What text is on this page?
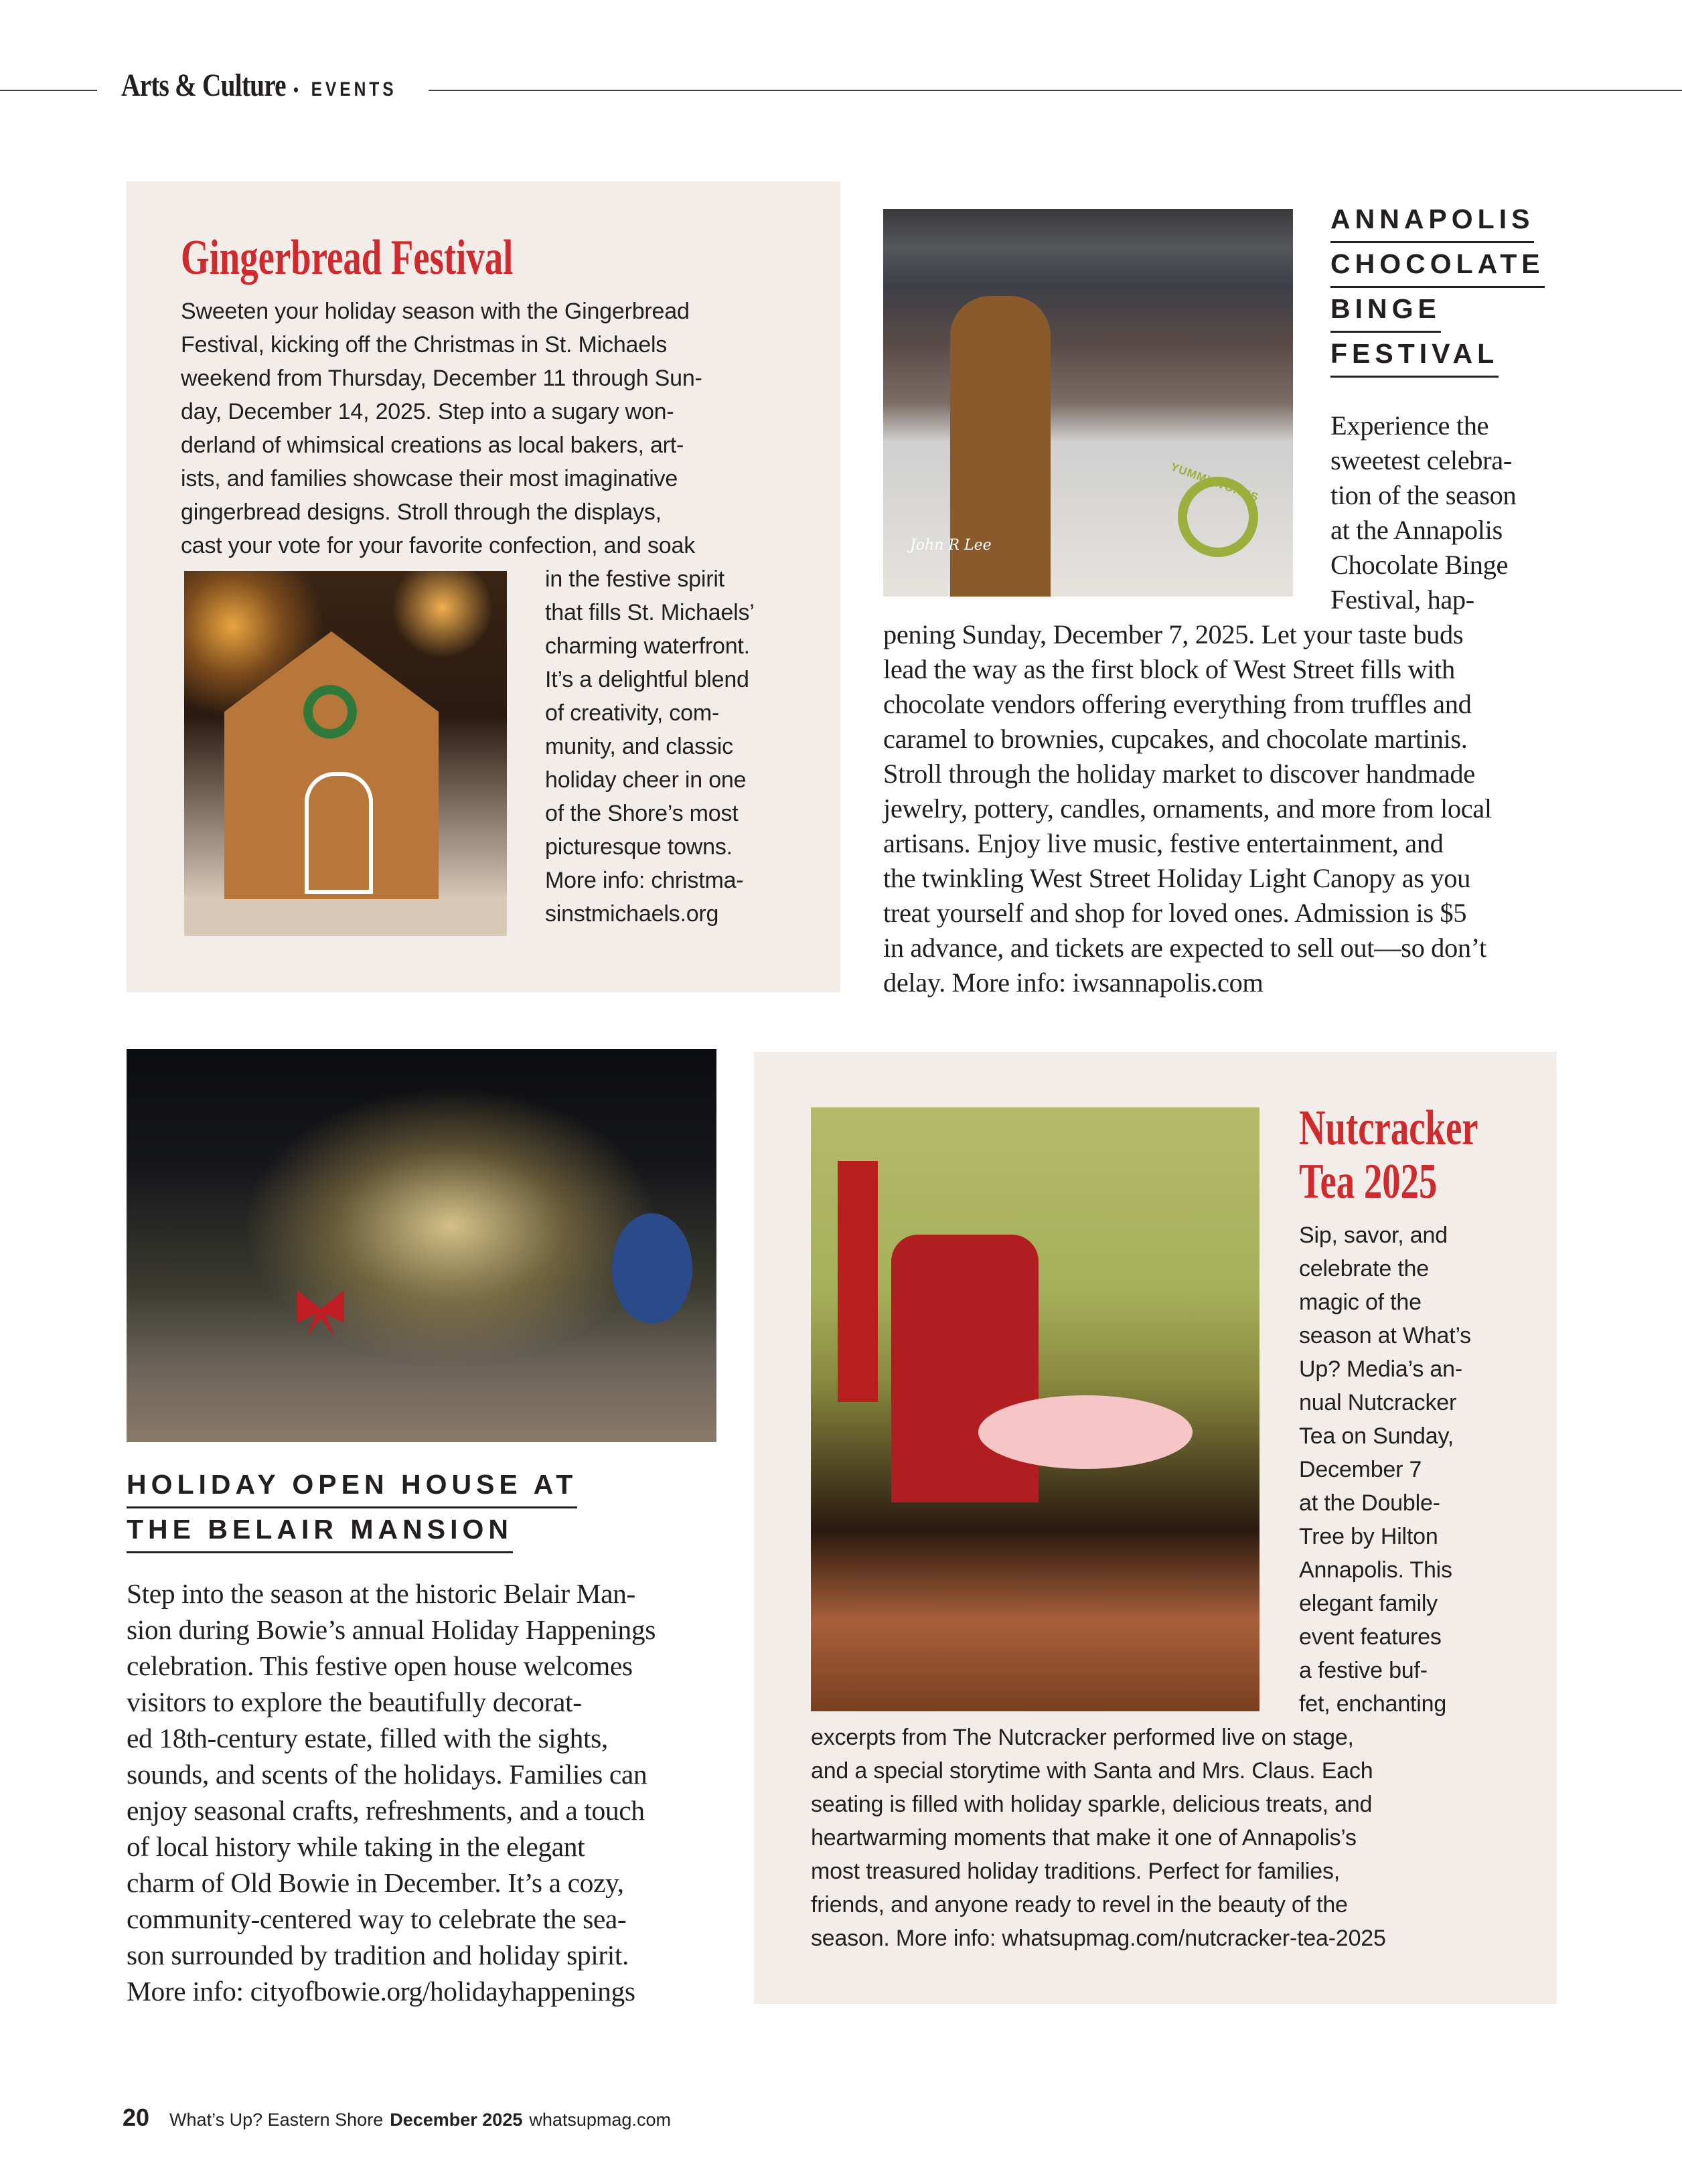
Arts & Culture • EVENTS
Gingerbread Festival
Sweeten your holiday season with the Gingerbread
Festival, kicking off the Christmas in St. Michaels
weekend from Thursday, December 11 through Sun-
day, December 14, 2025. Step into a sugary won-
derland of whimsical creations as local bakers, art-
ists, and families showcase their most imaginative
gingerbread designs. Stroll through the displays,
cast your vote for your favorite confection, and soak
in the festive spirit
that fills St. Michaels’
charming waterfront.
It’s a delightful blend
of creativity, com-
munity, and classic
holiday cheer in one
of the Shore’s most
picturesque towns.
More info: christma-
sinstmichaels.org
YUMMYWORKS
John R Lee
ANNAPOLIS
CHOCOLATE
BINGE
FESTIVAL
Experience the
sweetest celebra-
tion of the season
at the Annapolis
Chocolate Binge
Festival, hap-
pening Sunday, December 7, 2025. Let your taste buds
lead the way as the first block of West Street fills with
chocolate vendors offering everything from truffles and
caramel to brownies, cupcakes, and chocolate martinis.
Stroll through the holiday market to discover handmade
jewelry, pottery, candles, ornaments, and more from local
artisans. Enjoy live music, festive entertainment, and
the twinkling West Street Holiday Light Canopy as you
treat yourself and shop for loved ones. Admission is $5
in advance, and tickets are expected to sell out—so don’t
delay. More info: iwsannapolis.com
HOLIDAY OPEN HOUSE AT
THE BELAIR MANSION
Step into the season at the historic Belair Man-
sion during Bowie’s annual Holiday Happenings
celebration. This festive open house welcomes
visitors to explore the beautifully decorat-
ed 18th-century estate, filled with the sights,
sounds, and scents of the holidays. Families can
enjoy seasonal crafts, refreshments, and a touch
of local history while taking in the elegant
charm of Old Bowie in December. It’s a cozy,
community-centered way to celebrate the sea-
son surrounded by tradition and holiday spirit.
More info: cityofbowie.org/holidayhappenings
Nutcracker
Tea 2025
Sip, savor, and
celebrate the
magic of the
season at What’s
Up? Media’s an-
nual Nutcracker
Tea on Sunday,
December 7
at the Double-
Tree by Hilton
Annapolis. This
elegant family
event features
a festive buf-
fet, enchanting
excerpts from The Nutcracker performed live on stage,
and a special storytime with Santa and Mrs. Claus. Each
seating is filled with holiday sparkle, delicious treats, and
heartwarming moments that make it one of Annapolis’s
most treasured holiday traditions. Perfect for families,
friends, and anyone ready to revel in the beauty of the
season. More info: whatsupmag.com/nutcracker-tea-2025
20 What’s Up? Eastern Shore December 2025 whatsupmag.com
